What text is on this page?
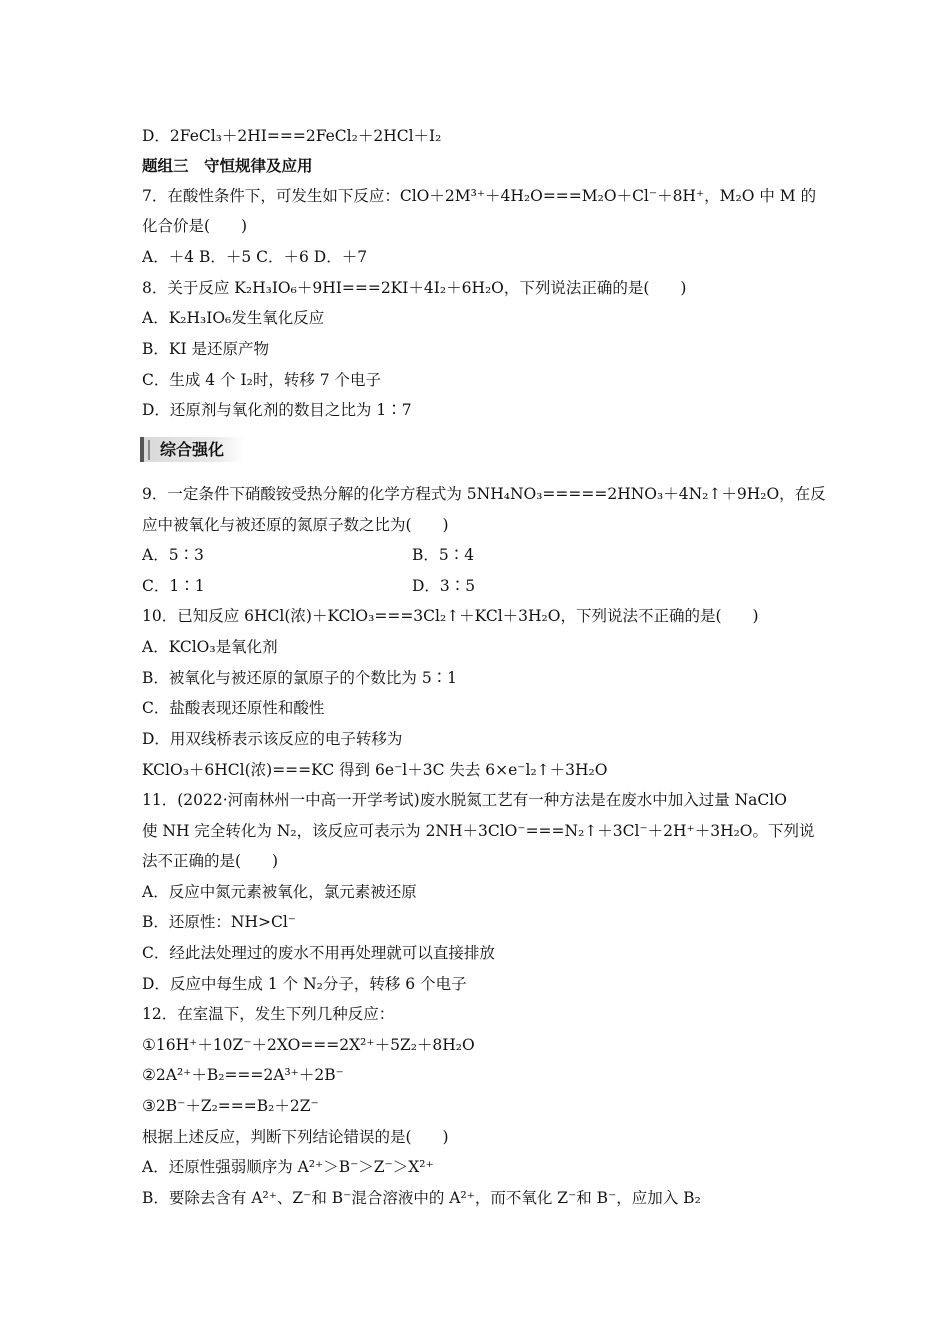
D．2FeCl₃＋2HI===2FeCl₂＋2HCl＋I₂
题组三　守恒规律及应用
7．在酸性条件下，可发生如下反应：ClO＋2M³⁺＋4H₂O===M₂O＋Cl⁻＋8H⁺，M₂O 中 M 的
化合价是(　　)
A．＋4 B．＋5 C．＋6 D．＋7
8．关于反应 K₂H₃IO₆＋9HI===2KI＋4I₂＋6H₂O，下列说法正确的是(　　)
A．K₂H₃IO₆发生氧化反应
B．KI 是还原产物
C．生成 4 个 I₂时，转移 7 个电子
D．还原剂与氧化剂的数目之比为 1∶7
综合强化
9．一定条件下硝酸铵受热分解的化学方程式为 5NH₄NO₃=====2HNO₃＋4N₂↑＋9H₂O，在反
应中被氧化与被还原的氮原子数之比为(　　)
A．5∶3	B．5∶4
C．1∶1	D．3∶5
10．已知反应 6HCl(浓)＋KClO₃===3Cl₂↑＋KCl＋3H₂O，下列说法不正确的是(　　)
A．KClO₃是氧化剂
B．被氧化与被还原的氯原子的个数比为 5∶1
C．盐酸表现还原性和酸性
D．用双线桥表示该反应的电子转移为
KClO₃＋6HCl(浓)===KC 得到 6e⁻l＋3C 失去 6×e⁻l₂↑＋3H₂O
11．(2022·河南林州一中高一开学考试)废水脱氮工艺有一种方法是在废水中加入过量 NaClO
使 NH 完全转化为 N₂，该反应可表示为 2NH＋3ClO⁻===N₂↑＋3Cl⁻＋2H⁺＋3H₂O。下列说
法不正确的是(　　)
A．反应中氮元素被氧化，氯元素被还原
B．还原性：NH>Cl⁻
C．经此法处理过的废水不用再处理就可以直接排放
D．反应中每生成 1 个 N₂分子，转移 6 个电子
12．在室温下，发生下列几种反应：
①16H⁺＋10Z⁻＋2XO===2X²⁺＋5Z₂＋8H₂O
②2A²⁺＋B₂===2A³⁺＋2B⁻
③2B⁻＋Z₂===B₂＋2Z⁻
根据上述反应，判断下列结论错误的是(　　)
A．还原性强弱顺序为 A²⁺＞B⁻＞Z⁻＞X²⁺
B．要除去含有 A²⁺、Z⁻和 B⁻混合溶液中的 A²⁺，而不氧化 Z⁻和 B⁻，应加入 B₂
